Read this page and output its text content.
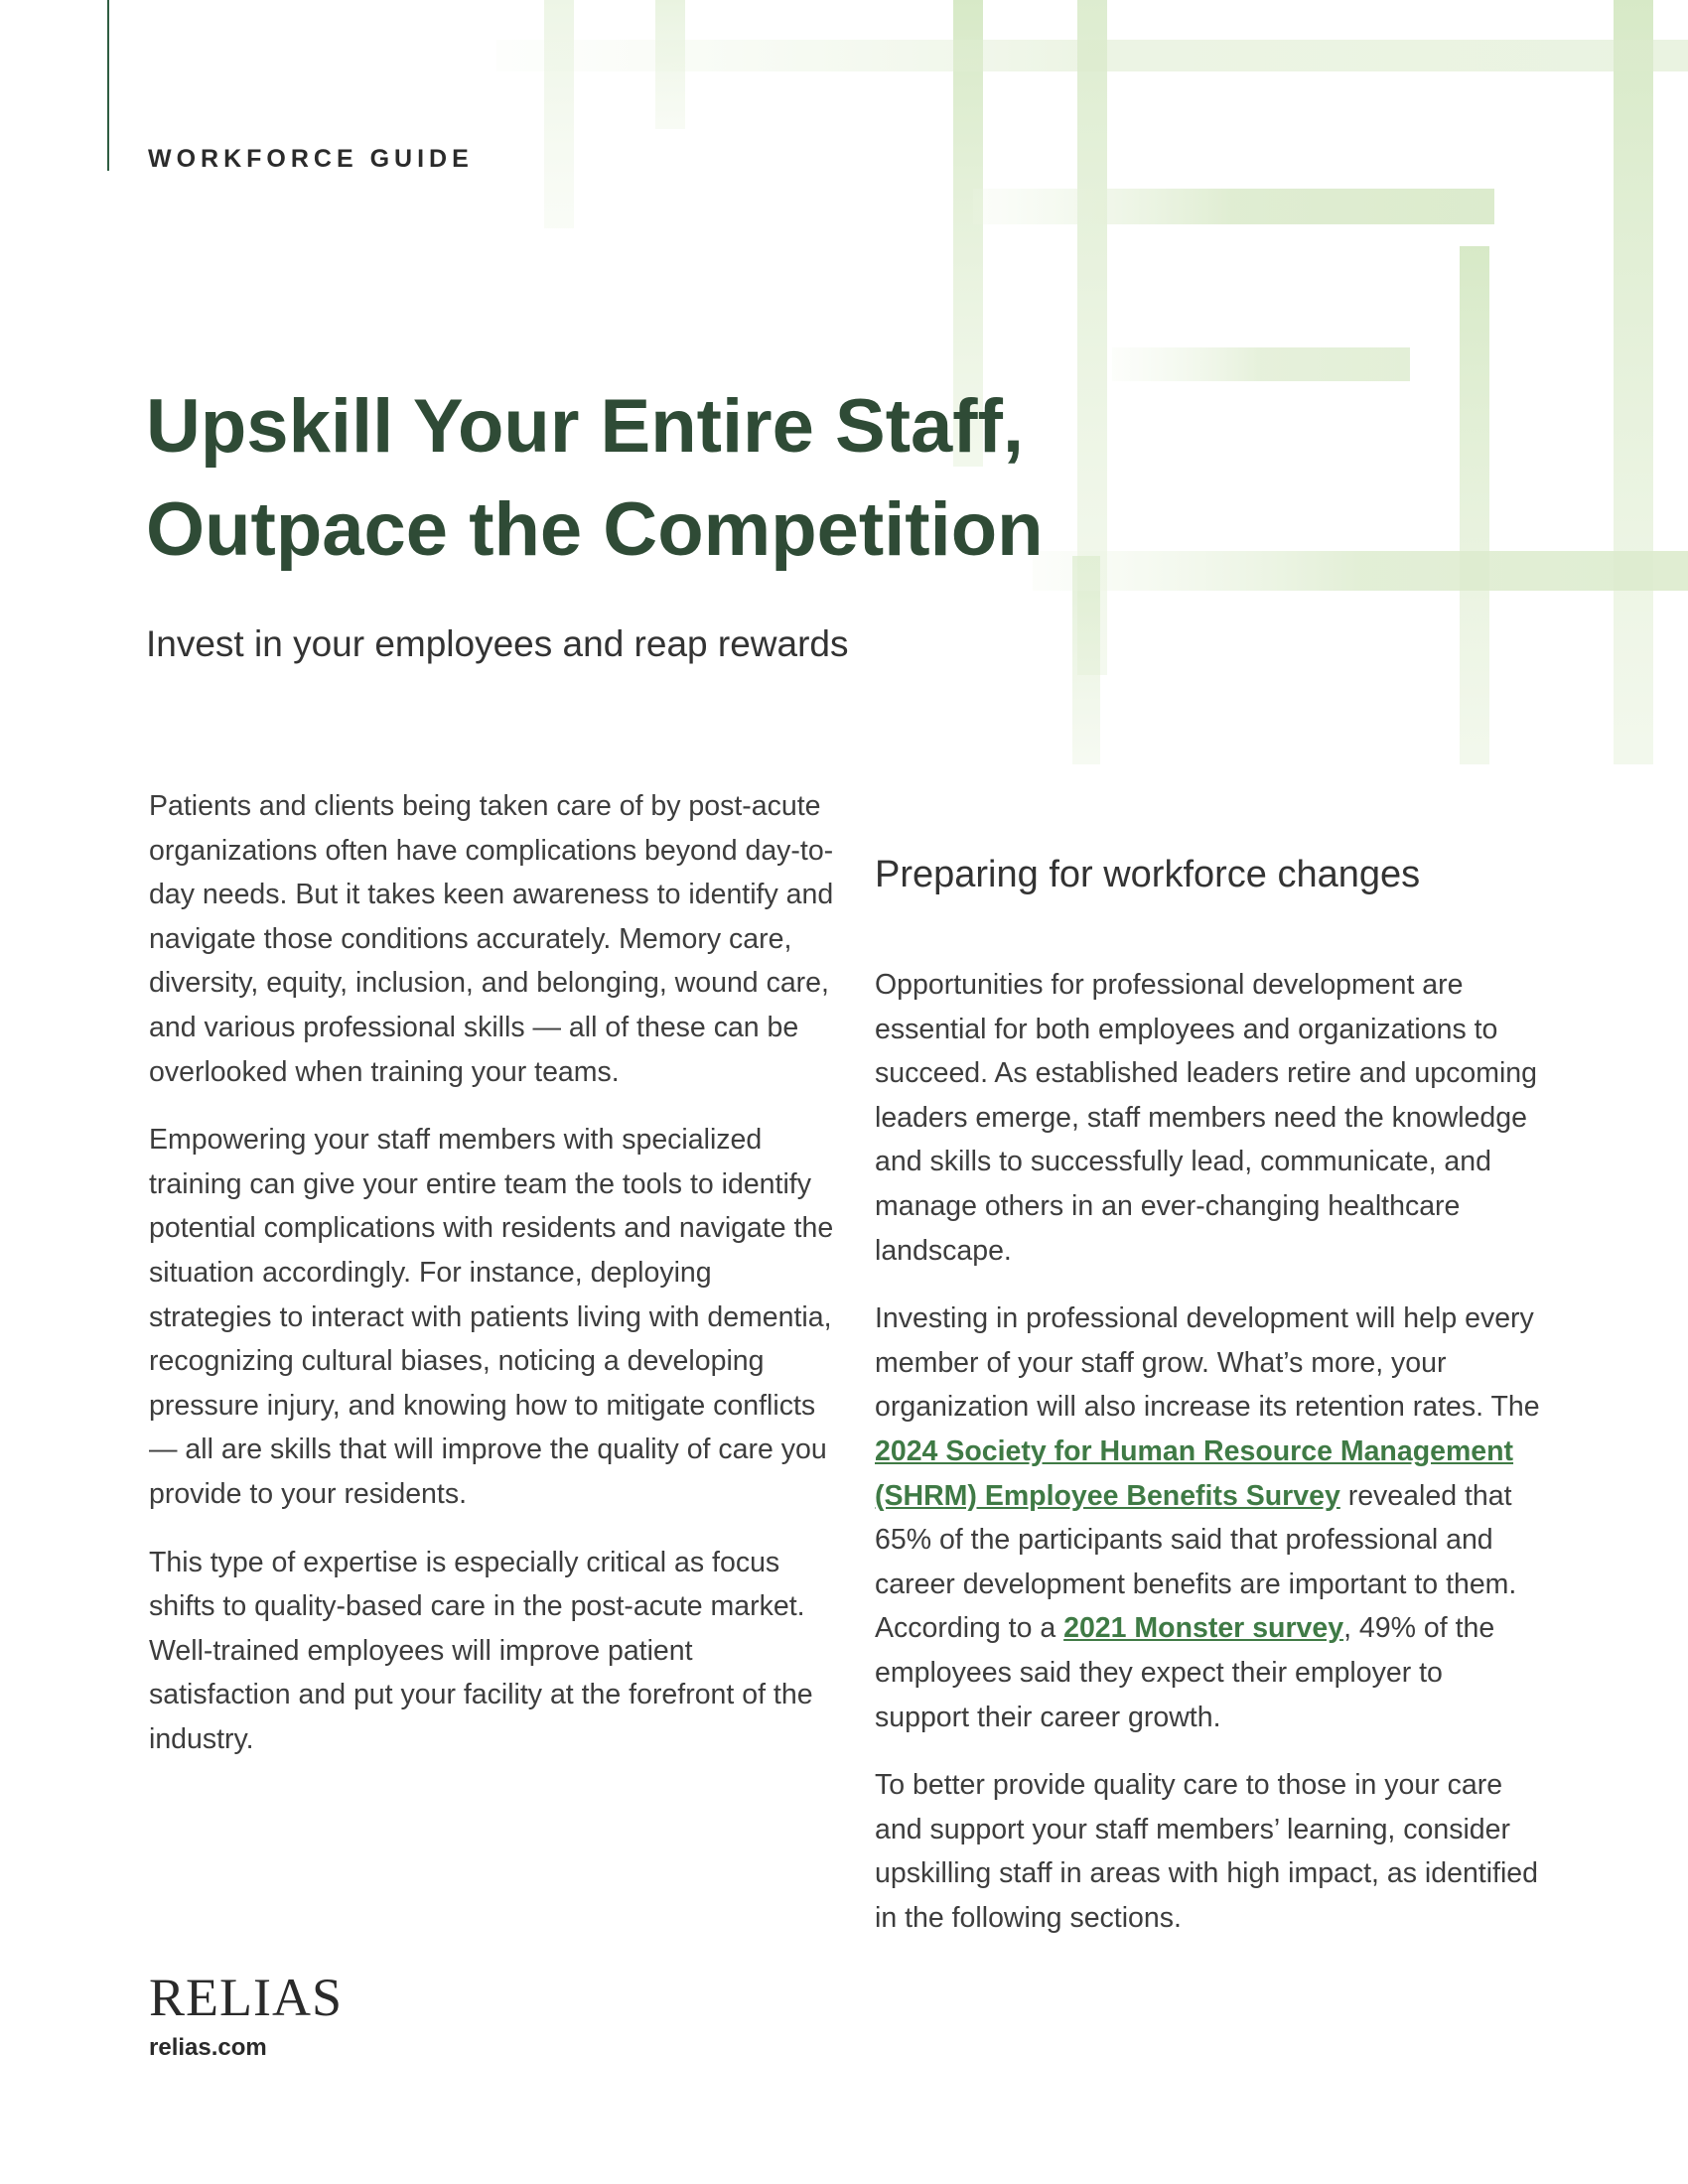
WORKFORCE GUIDE

Upskill Your Entire Staff,
Outpace the Competition
Invest in your employees and reap rewards

Patients and clients being taken care of by post-acute organizations often have complications beyond day-to-day needs. But it takes keen awareness to identify and navigate those conditions accurately. Memory care, diversity, equity, inclusion, and belonging, wound care, and various professional skills — all of these can be overlooked when training your teams.

Empowering your staff members with specialized training can give your entire team the tools to identify potential complications with residents and navigate the situation accordingly. For instance, deploying strategies to interact with patients living with dementia, recognizing cultural biases, noticing a developing pressure injury, and knowing how to mitigate conflicts — all are skills that will improve the quality of care you provide to your residents.

This type of expertise is especially critical as focus shifts to quality-based care in the post-acute market. Well-trained employees will improve patient satisfaction and put your facility at the forefront of the industry.

Preparing for workforce changes

Opportunities for professional development are essential for both employees and organizations to succeed. As established leaders retire and upcoming leaders emerge, staff members need the knowledge and skills to successfully lead, communicate, and manage others in an ever-changing healthcare landscape.

Investing in professional development will help every member of your staff grow. What’s more, your organization will also increase its retention rates. The 2024 Society for Human Resource Management (SHRM) Employee Benefits Survey revealed that 65% of the participants said that professional and career development benefits are important to them. According to a 2021 Monster survey, 49% of the employees said they expect their employer to support their career growth.

To better provide quality care to those in your care and support your staff members’ learning, consider upskilling staff in areas with high impact, as identified in the following sections.

RELIAS
relias.com
